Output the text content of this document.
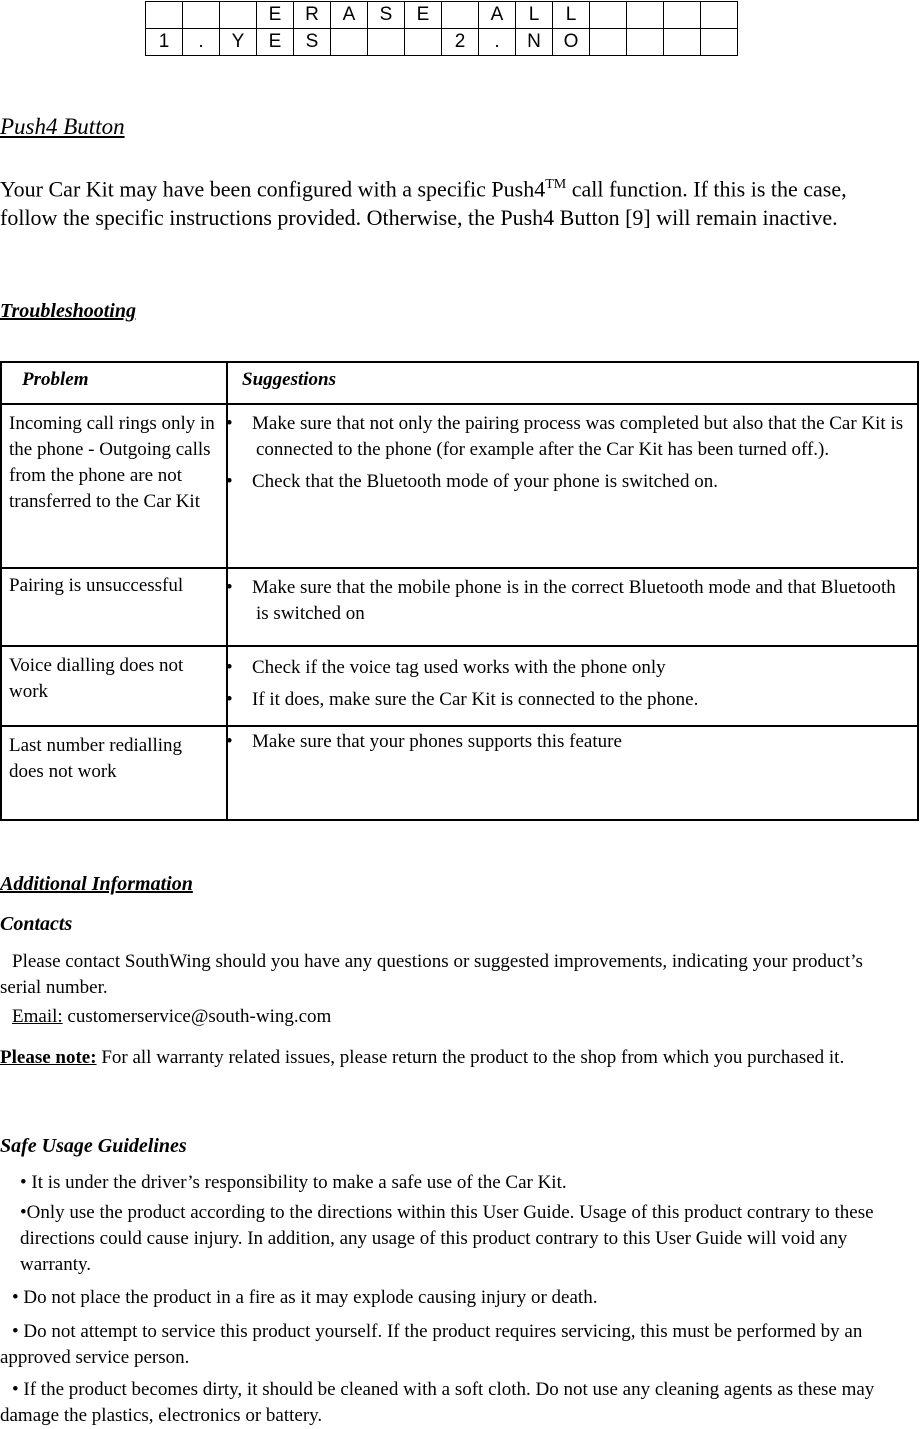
			E	R	A	S	E		A	L	L				
1	.	Y	E	S				2	.	N	O				
Push4 Button
Your Car Kit may have been configured with a specific Push4™ call function. If this is the case, follow the specific instructions provided. Otherwise, the Push4 Button [9] will remain inactive.
Troubleshooting
Problem	Suggestions
Incoming call rings only in the phone - Outgoing calls from the phone are not transferred to the Car Kit	• Make sure that not only the pairing process was completed but also that the Car Kit is connected to the phone (for example after the Car Kit has been turned off.).
• Check that the Bluetooth mode of your phone is switched on.

Pairing is unsuccessful	• Make sure that the mobile phone is in the correct Bluetooth mode and that Bluetooth is switched on

Voice dialling does not work	• Check if the voice tag used works with the phone only
• If it does, make sure the Car Kit is connected to the phone.

Last number redialling does not work	• Make sure that your phones supports this feature
Additional Information
Contacts
Please contact SouthWing should you have any questions or suggested improvements, indicating your product’s serial number.
Email: customerservice@south-wing.com
Please note: For all warranty related issues, please return the product to the shop from which you purchased it.
Safe Usage Guidelines
• It is under the driver’s responsibility to make a safe use of the Car Kit.
•Only use the product according to the directions within this User Guide. Usage of this product contrary to these directions could cause injury. In addition, any usage of this product contrary to this User Guide will void any warranty.
• Do not place the product in a fire as it may explode causing injury or death.
• Do not attempt to service this product yourself. If the product requires servicing, this must be performed by an approved service person.
• If the product becomes dirty, it should be cleaned with a soft cloth. Do not use any cleaning agents as these may damage the plastics, electronics or battery.
